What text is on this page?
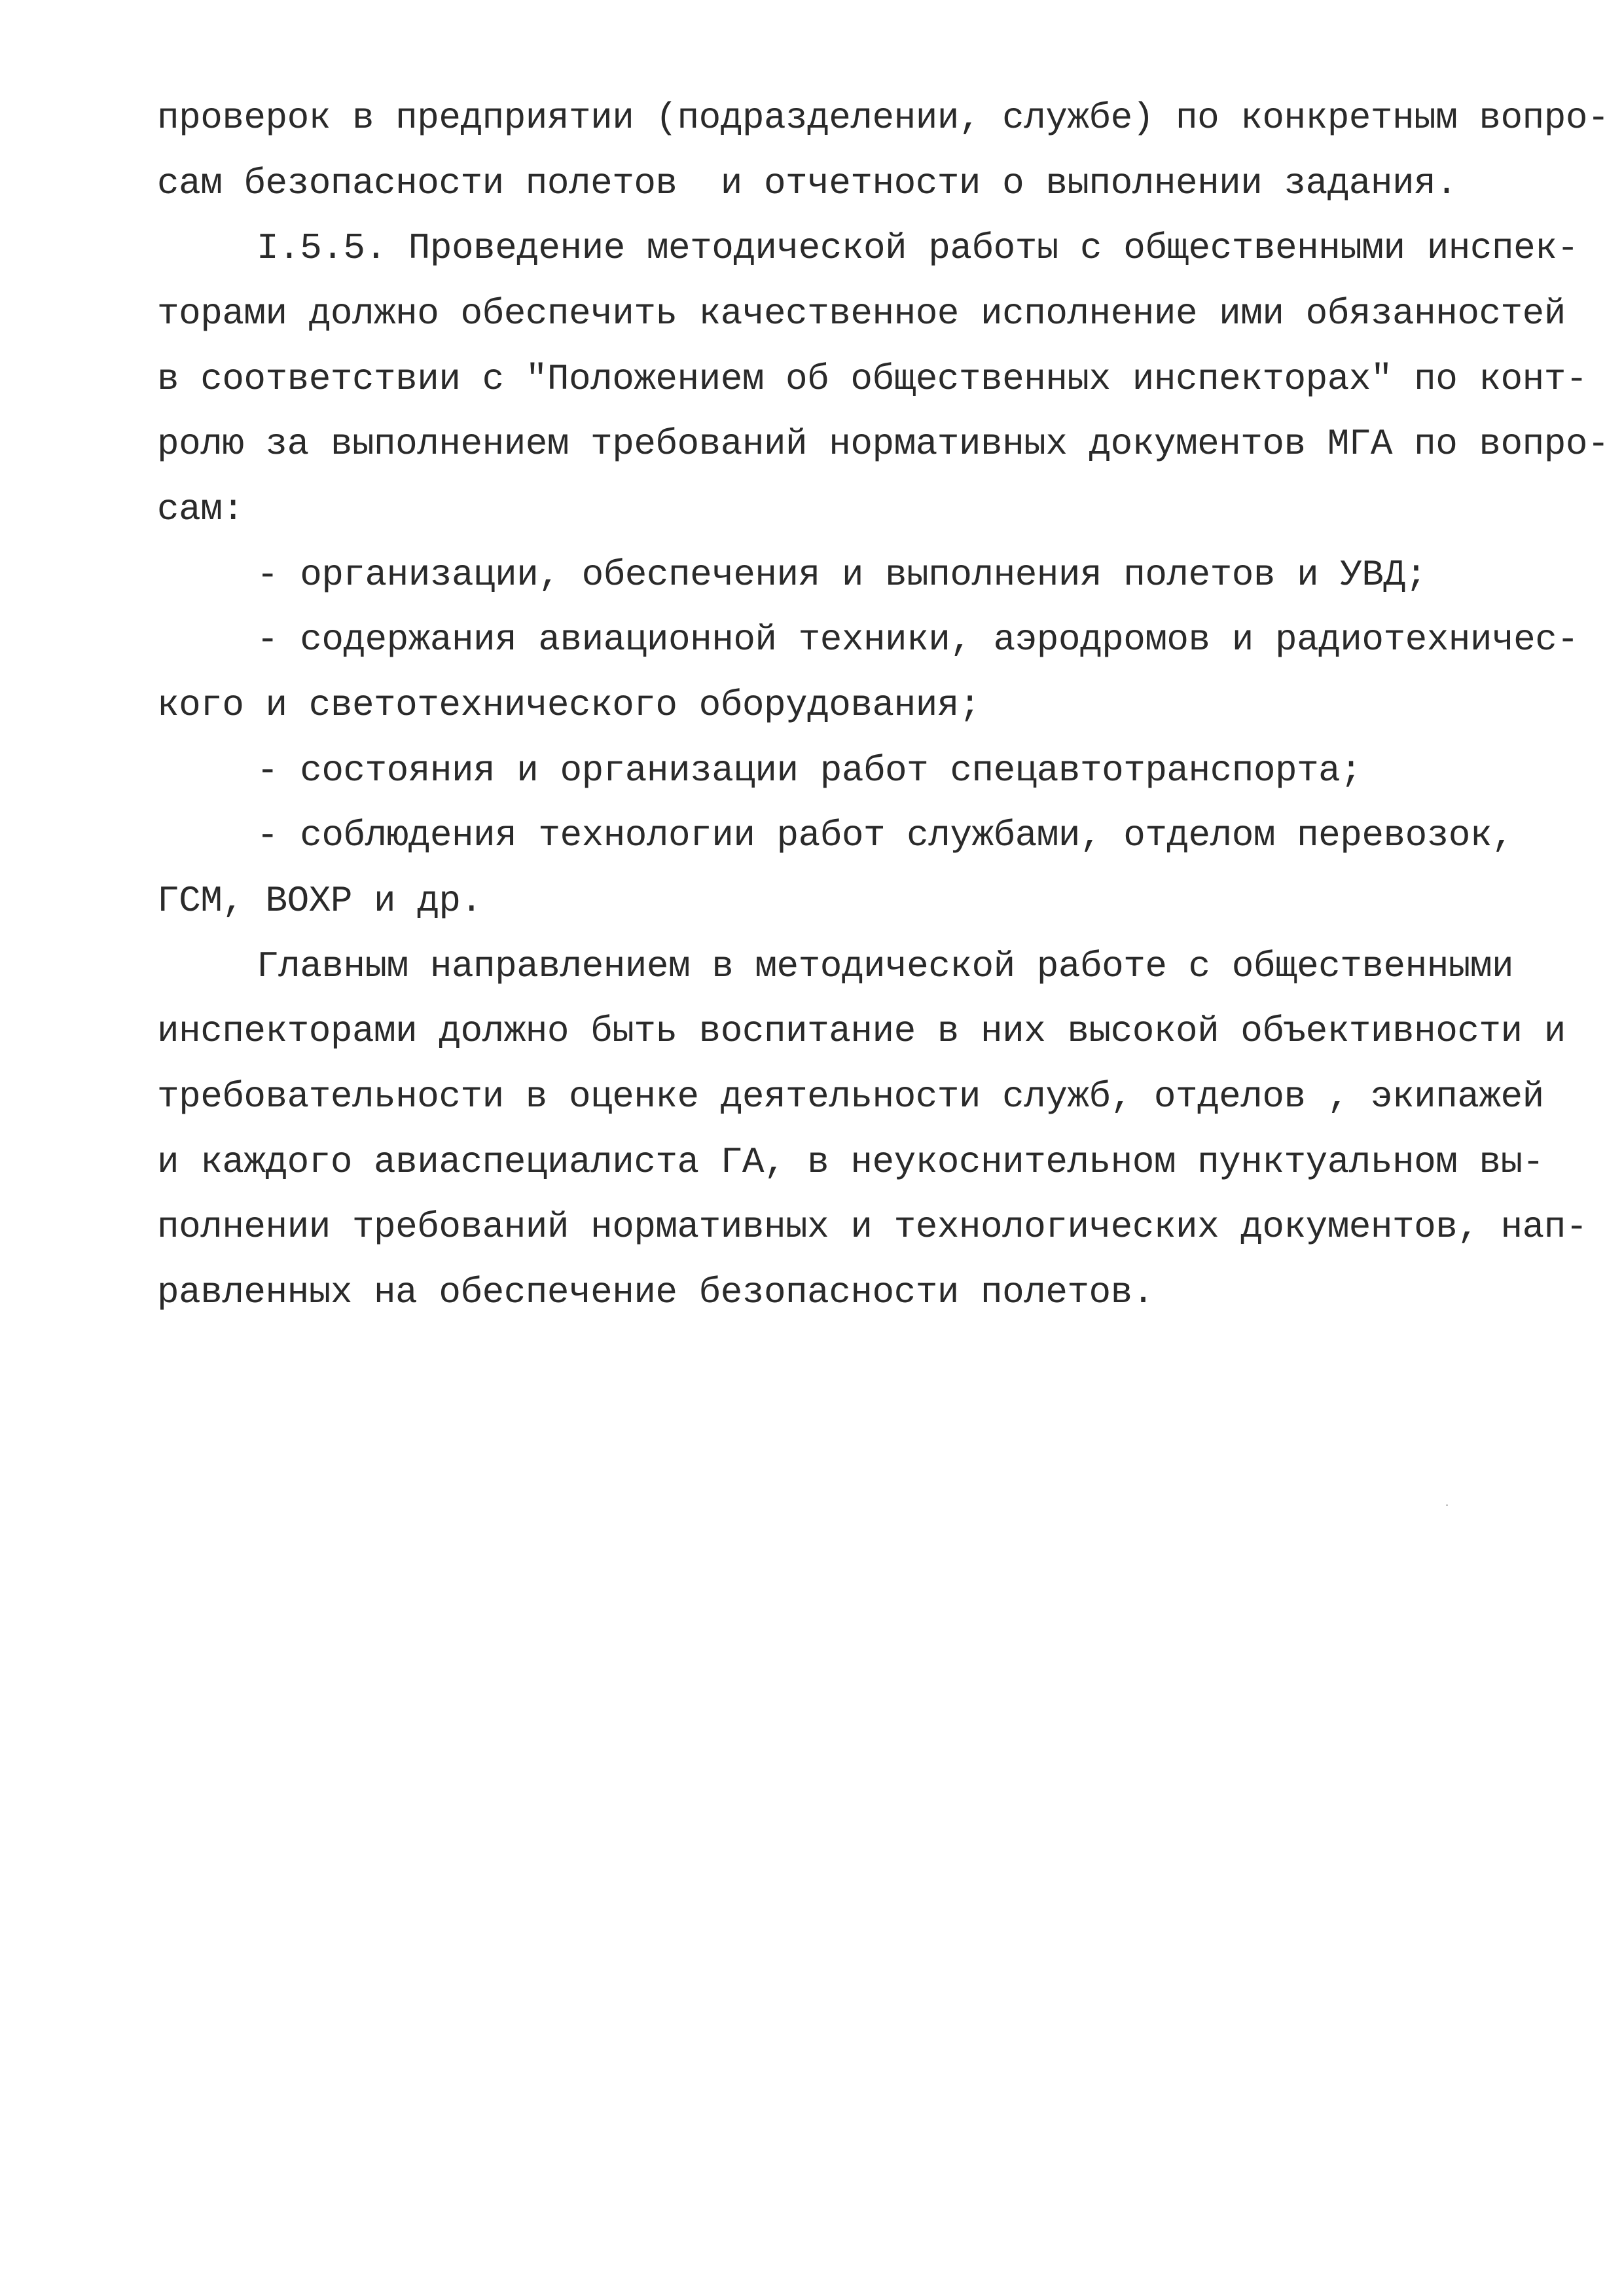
проверок в предприятии (подразделении, службе) по конкретным вопро-
сам безопасности полетов  и отчетности о выполнении задания.
I.5.5. Проведение методической работы с общественными инспек-
торами должно обеспечить качественное исполнение ими обязанностей
в соответствии с "Положением об общественных инспекторах" по конт-
ролю за выполнением требований нормативных документов МГА по вопро-
сам:
- организации, обеспечения и выполнения полетов и УВД;
- содержания авиационной техники, аэродромов и радиотехничес-
кого и светотехнического оборудования;
- состояния и организации работ спецавтотранспорта;
- соблюдения технологии работ службами, отделом перевозок,
ГСМ, ВОХР и др.
Главным направлением в методической работе с общественными
инспекторами должно быть воспитание в них высокой объективности и
требовательности в оценке деятельности служб, отделов , экипажей
и каждого авиаспециалиста ГА, в неукоснительном пунктуальном вы-
полнении требований нормативных и технологических документов, нап-
равленных на обеспечение безопасности полетов.
